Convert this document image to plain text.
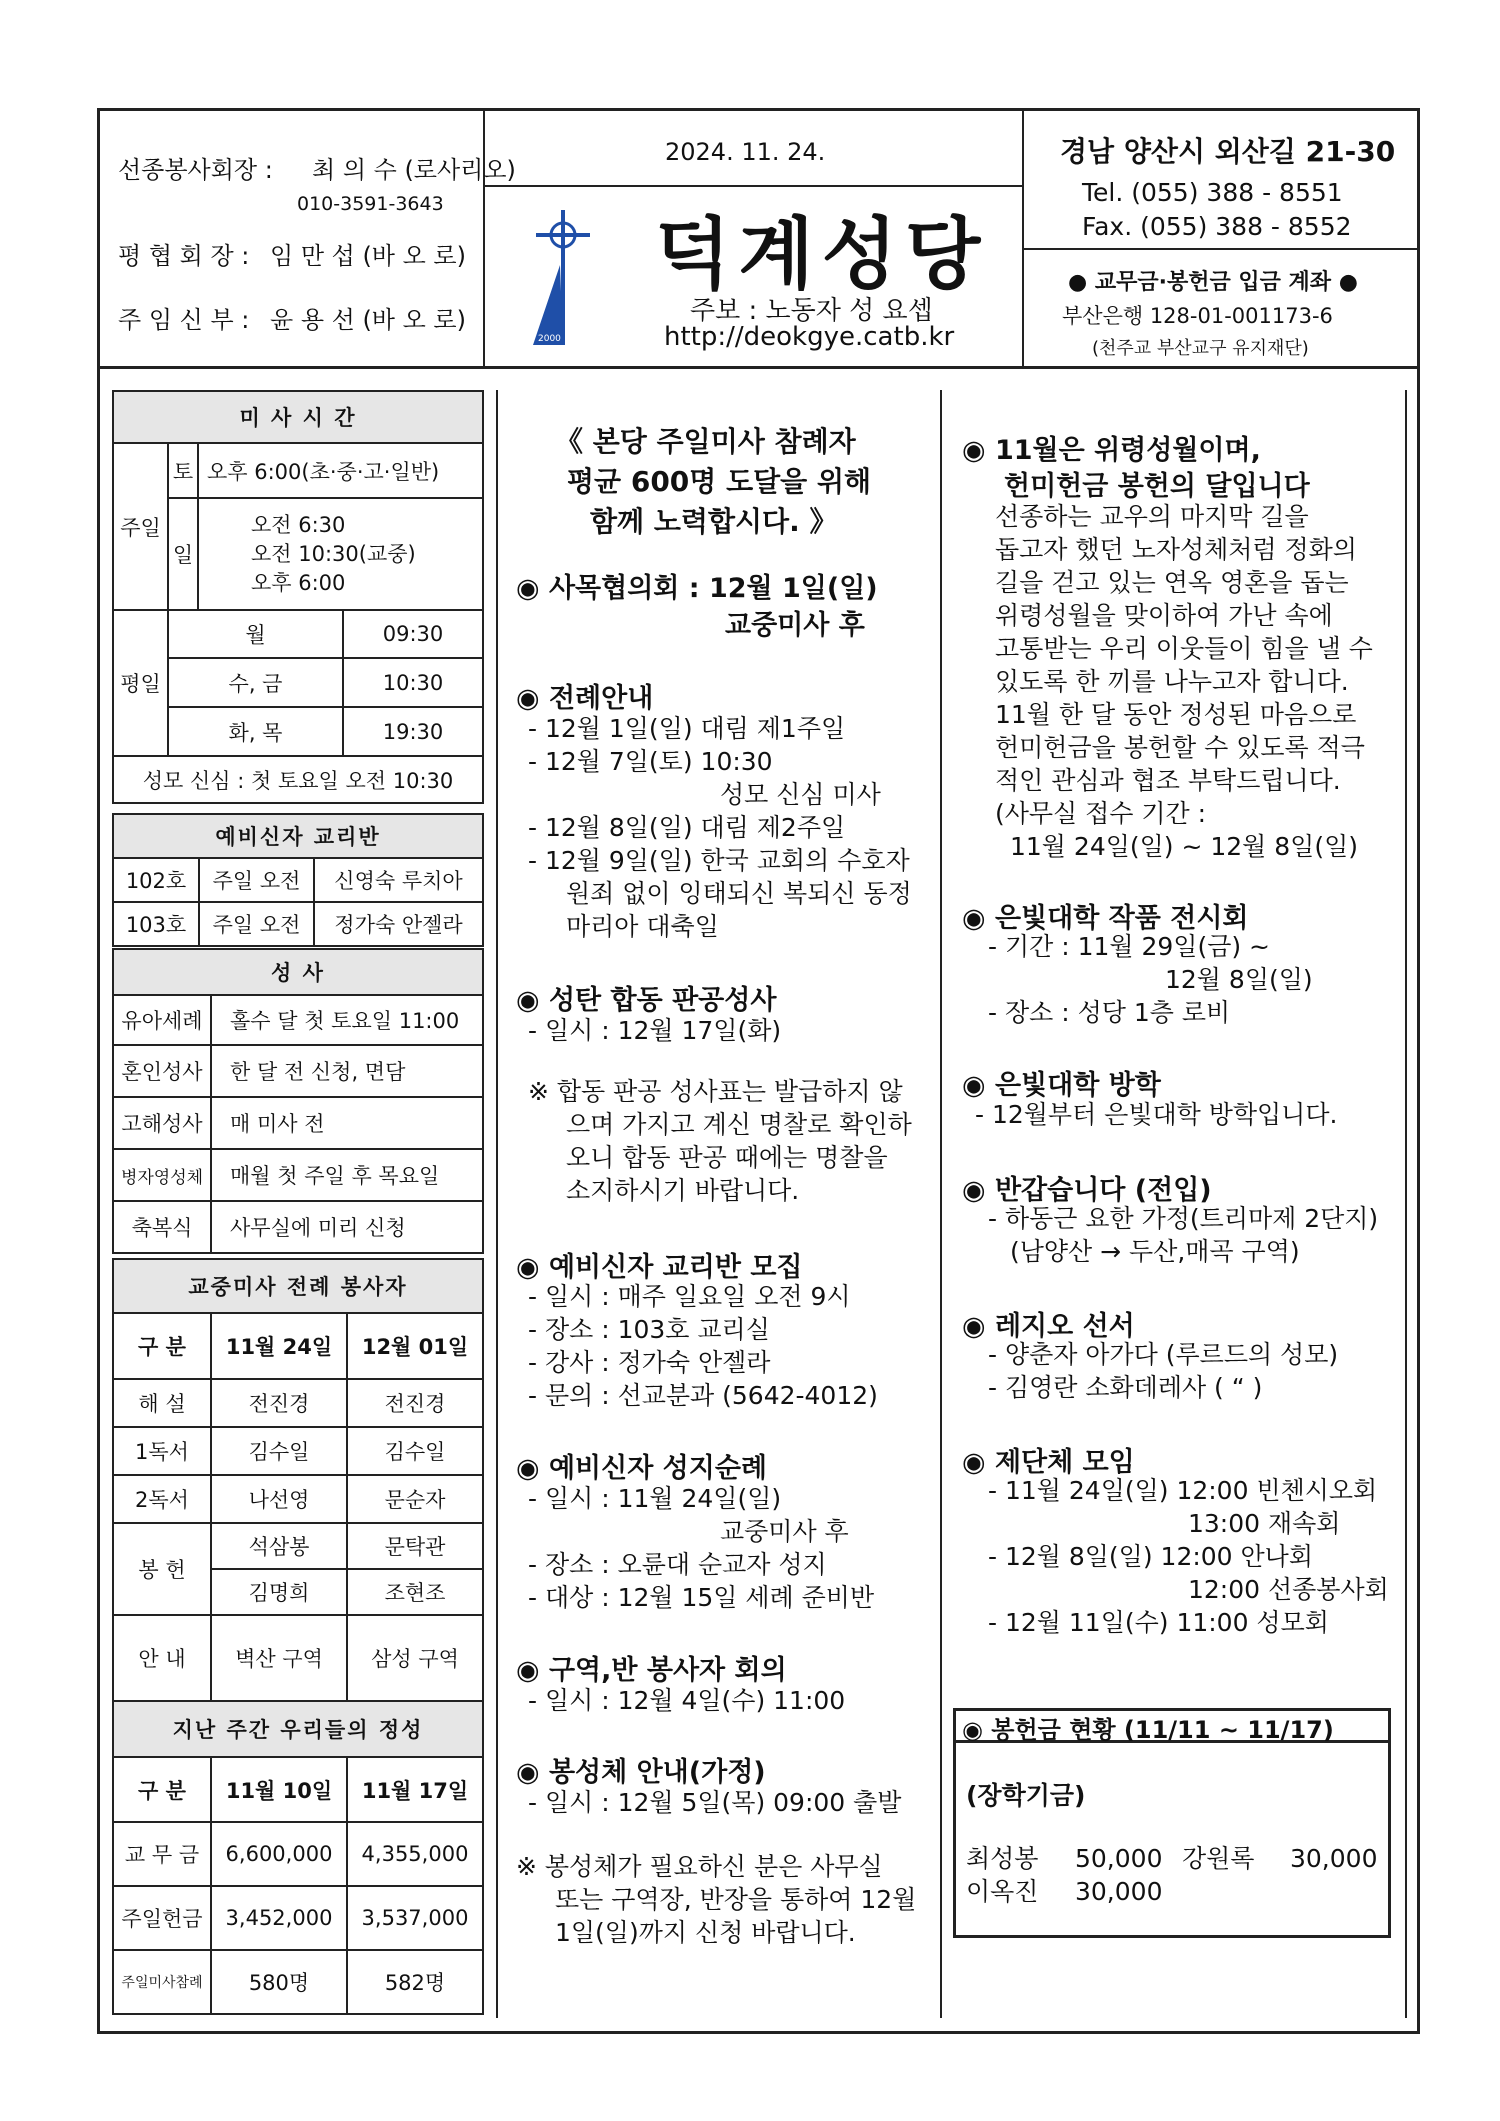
선종봉사회장 : 최 의 수 (로사리오)
010-3591-3643
평 협 회 장 : 임 만 섭 (바 오 로)
주 임 신 부 : 윤 용 선 (바 오 로)
2024. 11. 24.
2000
덕계성당
주보 : 노동자 성 요셉
http://deokgye.catb.kr
경남 양산시 외산길 21-30
Tel. (055) 388 - 8551
Fax. (055) 388 - 8552
● 교무금·봉헌금 입금 계좌 ●
부산은행 128-01-001173-6
(천주교 부산교구 유지재단)
미 사 시 간			
주일	토	오후 6:00(초·중·고·일반)	
	일	오전 6:30
오전 10:30(교중)
오후 6:00	

평일	월		09:30
	수, 금		10:30
	화, 목		19:30
성모 신심 : 첫 토요일 오전 10:30			
예비신자 교리반		
102호	주일 오전	신영숙 루치아
103호	주일 오전	정가숙 안젤라
성 사	
유아세례	홀수 달 첫 토요일 11:00
혼인성사	한 달 전 신청, 면담
고해성사	매 미사 전
병자영성체	매월 첫 주일 후 목요일
축복식	사무실에 미리 신청
교중미사 전례 봉사자		
구 분	11월 24일	12월 01일
해 설	전진경	전진경
1독서	김수일	김수일
2독서	나선영	문순자
봉 헌	석삼봉	문탁관
	김명희	조현조
안 내	벽산 구역	삼성 구역
지난 주간 우리들의 정성		
구 분	11월 10일	11월 17일
교 무 금	6,600,000	4,355,000
주일헌금	3,452,000	3,537,000
주일미사참례	580명	582명
《 본당 주일미사 참례자
평균 600명 도달을 위해
함께 노력합시다. 》
◉ 사목협의회 : 12월 1일(일)
교중미사 후
◉ 전례안내
- 12월 1일(일) 대림 제1주일
- 12월 7일(토) 10:30
성모 신심 미사
- 12월 8일(일) 대림 제2주일
- 12월 9일(일) 한국 교회의 수호자
원죄 없이 잉태되신 복되신 동정
마리아 대축일
◉ 성탄 합동 판공성사
- 일시 : 12월 17일(화)
※ 합동 판공 성사표는 발급하지 않
으며 가지고 계신 명찰로 확인하
오니 합동 판공 때에는 명찰을
소지하시기 바랍니다.
◉ 예비신자 교리반 모집
- 일시 : 매주 일요일 오전 9시
- 장소 : 103호 교리실
- 강사 : 정가숙 안젤라
- 문의 : 선교분과 (5642-4012)
◉ 예비신자 성지순례
- 일시 : 11월 24일(일)
교중미사 후
- 장소 : 오륜대 순교자 성지
- 대상 : 12월 15일 세례 준비반
◉ 구역,반 봉사자 회의
- 일시 : 12월 4일(수) 11:00
◉ 봉성체 안내(가정)
- 일시 : 12월 5일(목) 09:00 출발
※ 봉성체가 필요하신 분은 사무실
또는 구역장, 반장을 통하여 12월
1일(일)까지 신청 바랍니다.
◉ 11월은 위령성월이며,
헌미헌금 봉헌의 달입니다
선종하는 교우의 마지막 길을
돕고자 했던 노자성체처럼 정화의
길을 걷고 있는 연옥 영혼을 돕는
위령성월을 맞이하여 가난 속에
고통받는 우리 이웃들이 힘을 낼 수
있도록 한 끼를 나누고자 합니다.
11월 한 달 동안 정성된 마음으로
헌미헌금을 봉헌할 수 있도록 적극
적인 관심과 협조 부탁드립니다.
(사무실 접수 기간 :
11월 24일(일) ~ 12월 8일(일)
◉ 은빛대학 작품 전시회
- 기간 : 11월 29일(금) ~
12월 8일(일)
- 장소 : 성당 1층 로비
◉ 은빛대학 방학
- 12월부터 은빛대학 방학입니다.
◉ 반갑습니다 (전입)
- 하동근 요한 가정(트리마제 2단지)
(남양산 → 두산,매곡 구역)
◉ 레지오 선서
- 양춘자 아가다 (루르드의 성모)
- 김영란 소화데레사 ( “ )
◉ 제단체 모임
- 11월 24일(일) 12:00 빈첸시오회
13:00 재속회
- 12월 8일(일) 12:00 안나회
12:00 선종봉사회
- 12월 11일(수) 11:00 성모회
◉ 봉헌금 현황 (11/11 ~ 11/17)
(장학기금)
최성봉 50,000 강원록 30,000
이옥진 30,000
